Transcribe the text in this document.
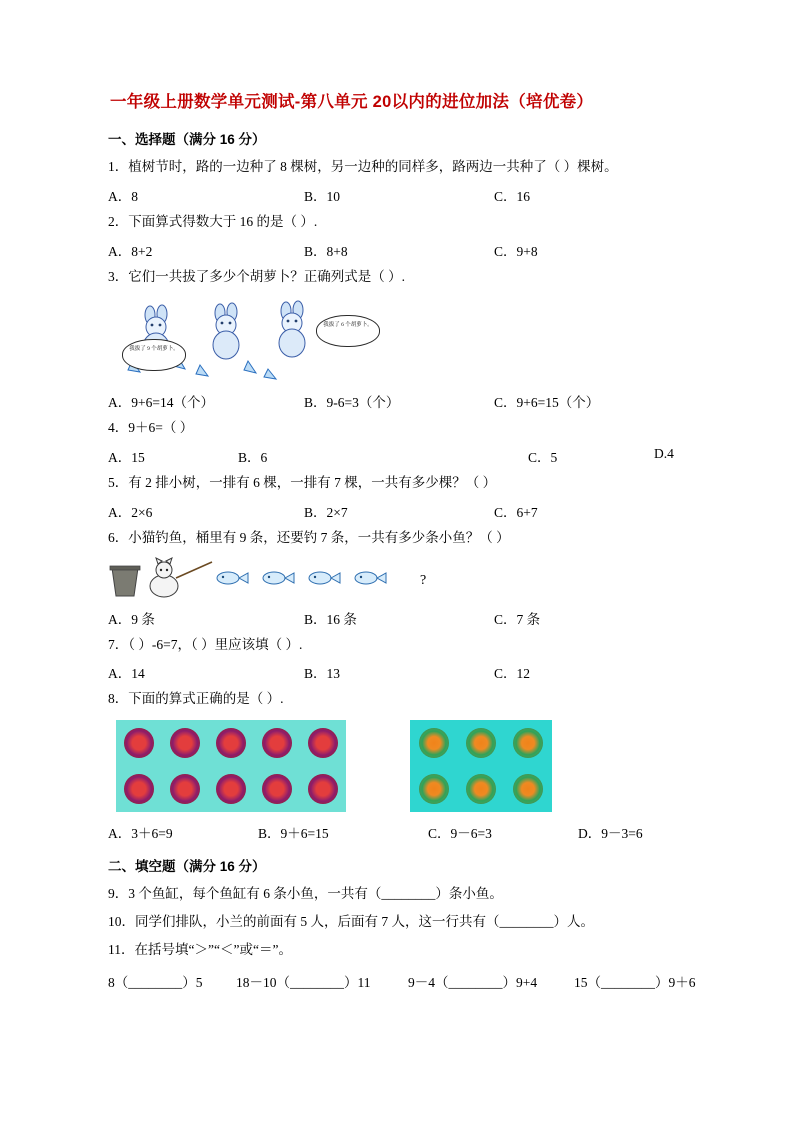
一年级上册数学单元测试-第八单元 20以内的进位加法（培优卷）
一、选择题（满分 16 分）
1．植树节时，路的一边种了 8 棵树，另一边种的同样多，路两边一共种了（ ）棵树。
A．8	B．10	C．16
2．下面算式得数大于 16 的是（ ）.
A．8+2	B．8+8	C．9+8
3．它们一共拔了多少个胡萝卜？正确列式是（ ）.
我拔了 9 个胡萝卜。
我拔了 6 个胡萝卜。
A．9+6=14（个）	B．9-6=3（个）	C．9+6=15（个）
4．9＋6=（ ）
A．15	B．6	C．5	D.4
5．有 2 排小树，一排有 6 棵，一排有 7 棵，一共有多少棵？（ ）
A．2×6	B．2×7	C．6+7
6．小猫钓鱼，桶里有 9 条，还要钓 7 条，一共有多少条小鱼？（ ）
?
A．9 条	B．16 条	C．7 条
7．（ ）-6=7，（ ）里应该填（ ）.
A．14	B．13	C．12
8．下面的算式正确的是（ ）.
A．3＋6=9	B．9＋6=15	C．9－6=3	D．9－3=6
二、填空题（满分 16 分）
9．3 个鱼缸，每个鱼缸有 6 条小鱼，一共有（________）条小鱼。
10．同学们排队，小兰的前面有 5 人，后面有 7 人，这一行共有（________）人。
11．在括号填“＞”“＜”或“＝”。
8（________）5 18－10（________）11	9－4（________）9+4	15（________）9＋6
